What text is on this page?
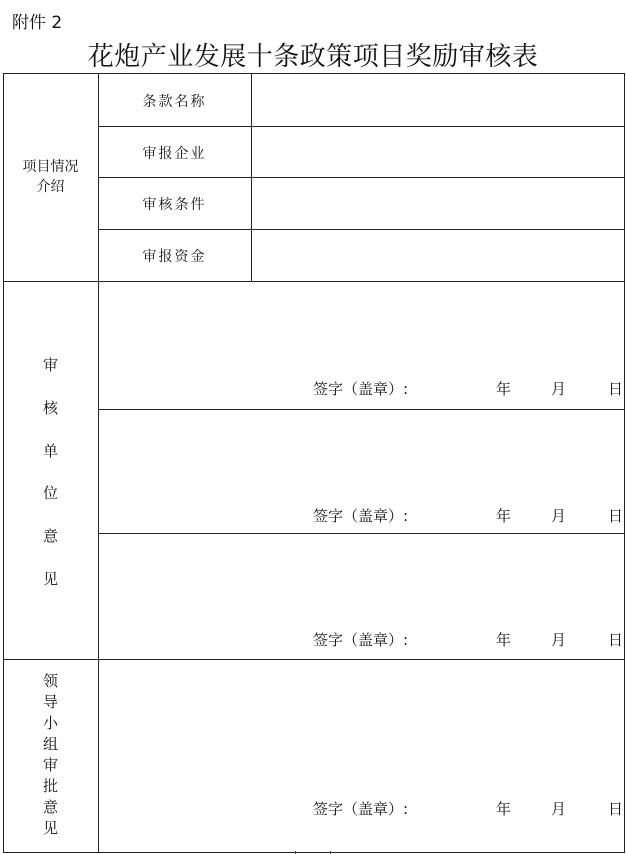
附件 2
花炮产业发展十条政策项目奖励审核表
项目情况
介绍
条款名称
审报企业
审核条件
审报资金
审
核
单
位
意
见
签字（盖章）:	年	月	日
签字（盖章）:	年	月	日
签字（盖章）:	年	月	日
领
导
小
组
审
批
意
见
签字（盖章）:	年	月	日
